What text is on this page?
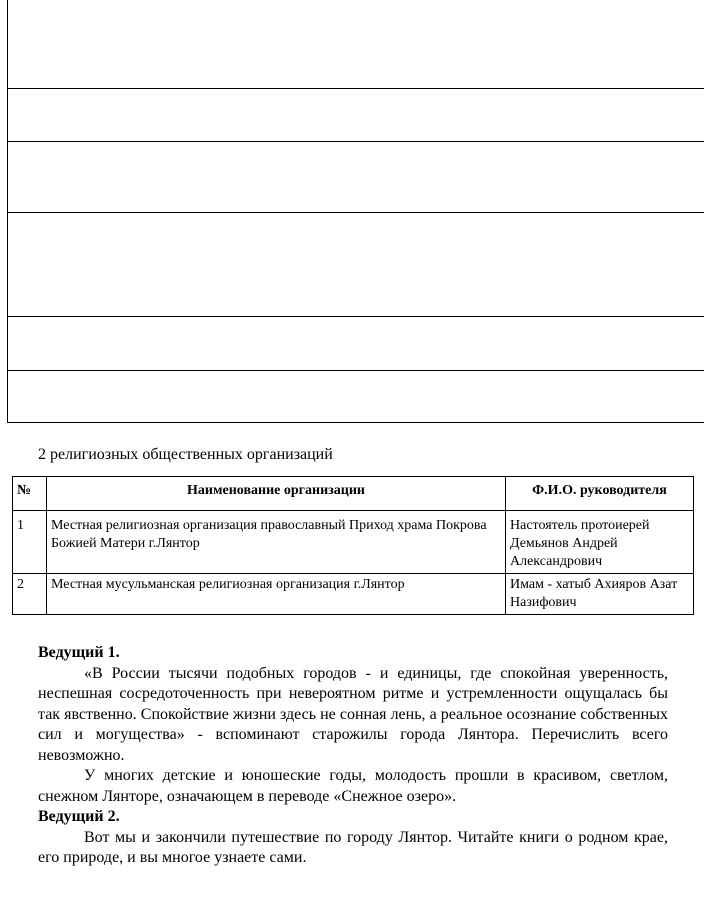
2 религиозных общественных организаций
№	Наименование организации	Ф.И.О. руководителя
1	Местная религиозная организация православный Приход храма Покрова Божией Матери г.Лянтор	Настоятель протоиерей Демьянов Андрей Александрович
2	Местная мусульманская религиозная организация г.Лянтор	Имам - хатыб Ахияров Азат Назифович

Ведущий 1.

«В России тысячи подобных городов - и единицы, где спокойная уверенность, неспешная сосредоточенность при невероятном ритме и устремленности ощущалась бы так явственно. Спокойствие жизни здесь не сонная лень, а реальное осознание собственных сил и могущества» - вспоминают старожилы города Лянтора. Перечислить всего невозможно.

У многих детские и юношеские годы, молодость прошли в красивом, светлом, снежном Лянторе, означающем в переводе «Снежное озеро».

Ведущий 2.

Вот мы и закончили путешествие по городу Лянтор. Читайте книги о родном крае, его природе, и вы многое узнаете сами.
